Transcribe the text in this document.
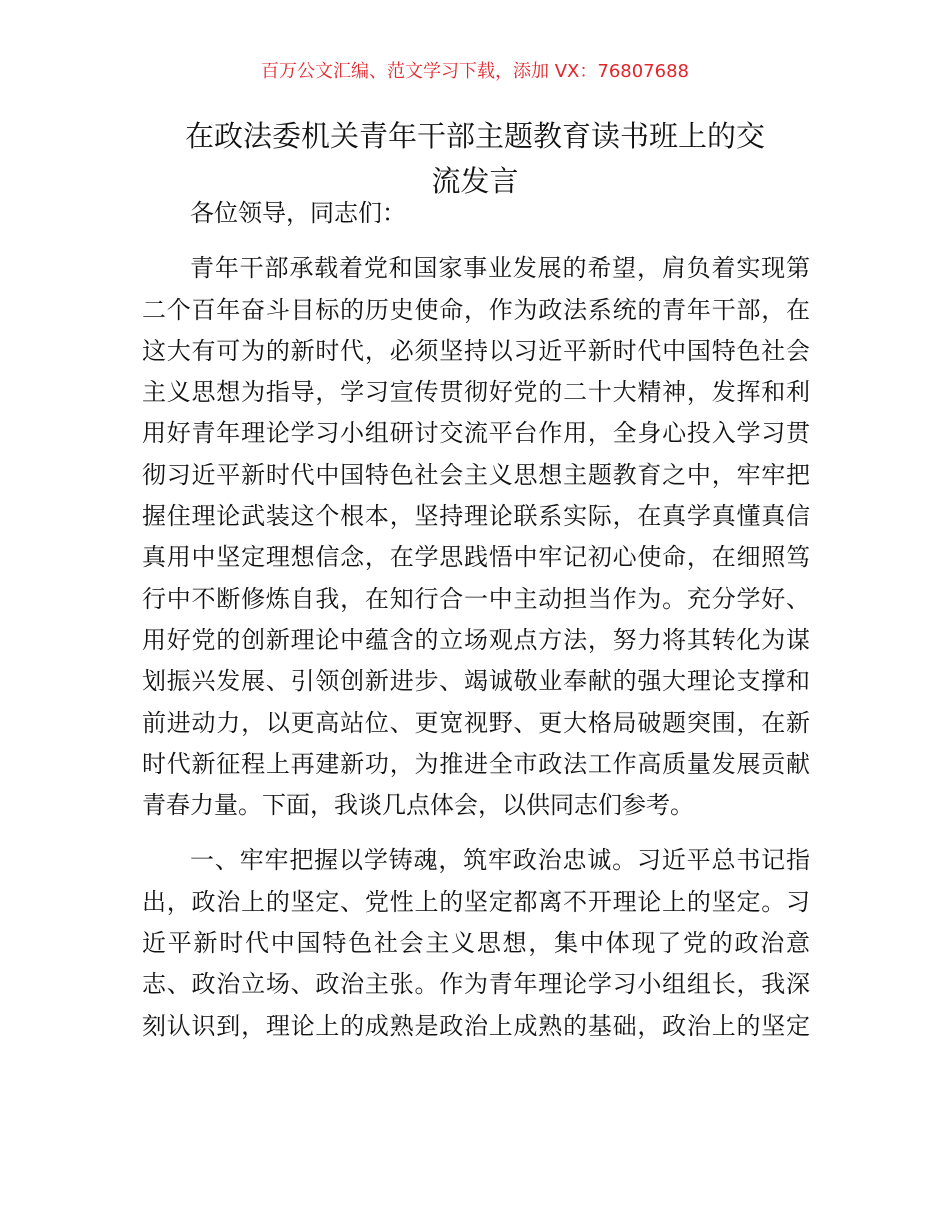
百万公文汇编、范文学习下载，添加 VX：76807688
在政法委机关青年干部主题教育读书班上的交
流发言
各位领导，同志们：
青年干部承载着党和国家事业发展的希望，肩负着实现第
二个百年奋斗目标的历史使命，作为政法系统的青年干部，在
这大有可为的新时代，必须坚持以习近平新时代中国特色社会
主义思想为指导，学习宣传贯彻好党的二十大精神，发挥和利
用好青年理论学习小组研讨交流平台作用，全身心投入学习贯
彻习近平新时代中国特色社会主义思想主题教育之中，牢牢把
握住理论武装这个根本，坚持理论联系实际，在真学真懂真信
真用中坚定理想信念，在学思践悟中牢记初心使命，在细照笃
行中不断修炼自我，在知行合一中主动担当作为。充分学好、
用好党的创新理论中蕴含的立场观点方法，努力将其转化为谋
划振兴发展、引领创新进步、竭诚敬业奉献的强大理论支撑和
前进动力，以更高站位、更宽视野、更大格局破题突围，在新
时代新征程上再建新功，为推进全市政法工作高质量发展贡献
青春力量。下面，我谈几点体会，以供同志们参考。
一、牢牢把握以学铸魂，筑牢政治忠诚。习近平总书记指
出，政治上的坚定、党性上的坚定都离不开理论上的坚定。习
近平新时代中国特色社会主义思想，集中体现了党的政治意
志、政治立场、政治主张。作为青年理论学习小组组长，我深
刻认识到，理论上的成熟是政治上成熟的基础，政治上的坚定
